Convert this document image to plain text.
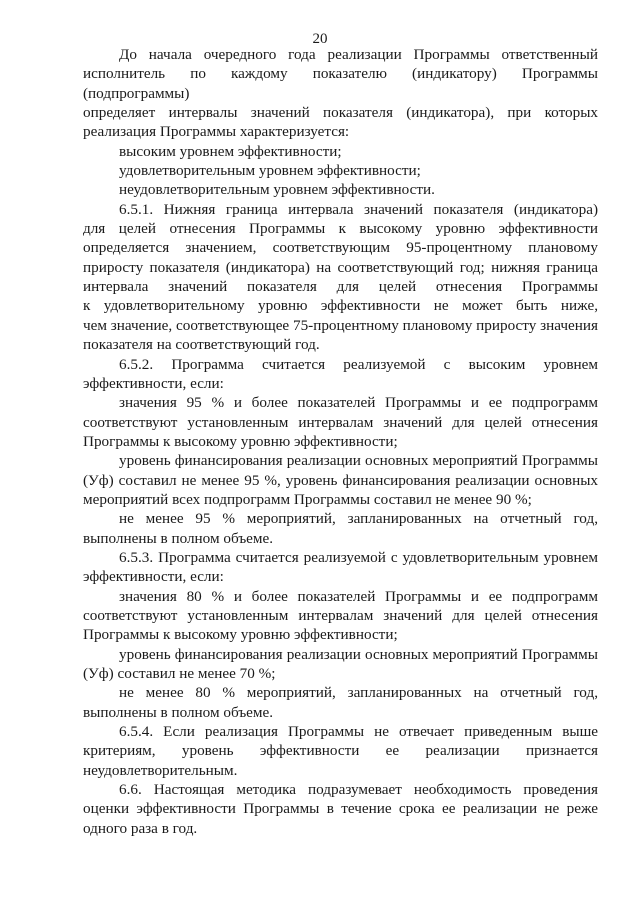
20
До начала очередного года реализации Программы ответственный
исполнитель по каждому показателю (индикатору) Программы (подпрограммы)
определяет интервалы значений показателя (индикатора), при которых
реализация Программы характеризуется:
высоким уровнем эффективности;
удовлетворительным уровнем эффективности;
неудовлетворительным уровнем эффективности.
6.5.1. Нижняя граница интервала значений показателя (индикатора)
для целей отнесения Программы к высокому уровню эффективности
определяется значением, соответствующим 95-процентному плановому
приросту показателя (индикатора) на соответствующий год; нижняя граница
интервала значений показателя для целей отнесения Программы
к удовлетворительному уровню эффективности не может быть ниже,
чем значение, соответствующее 75-процентному плановому приросту значения
показателя на соответствующий год.
6.5.2. Программа считается реализуемой с высоким уровнем
эффективности, если:
значения 95 % и более показателей Программы и ее подпрограмм
соответствуют установленным интервалам значений для целей отнесения
Программы к высокому уровню эффективности;
уровень финансирования реализации основных мероприятий Программы
(Уф) составил не менее 95 %, уровень финансирования реализации основных
мероприятий всех подпрограмм Программы составил не менее 90 %;
не менее 95 % мероприятий, запланированных на отчетный год,
выполнены в полном объеме.
6.5.3. Программа считается реализуемой с удовлетворительным уровнем
эффективности, если:
значения 80 % и более показателей Программы и ее подпрограмм
соответствуют установленным интервалам значений для целей отнесения
Программы к высокому уровню эффективности;
уровень финансирования реализации основных мероприятий Программы
(Уф) составил не менее 70 %;
не менее 80 % мероприятий, запланированных на отчетный год,
выполнены в полном объеме.
6.5.4. Если реализация Программы не отвечает приведенным выше
критериям, уровень эффективности ее реализации признается
неудовлетворительным.
6.6. Настоящая методика подразумевает необходимость проведения
оценки эффективности Программы в течение срока ее реализации не реже
одного раза в год.
